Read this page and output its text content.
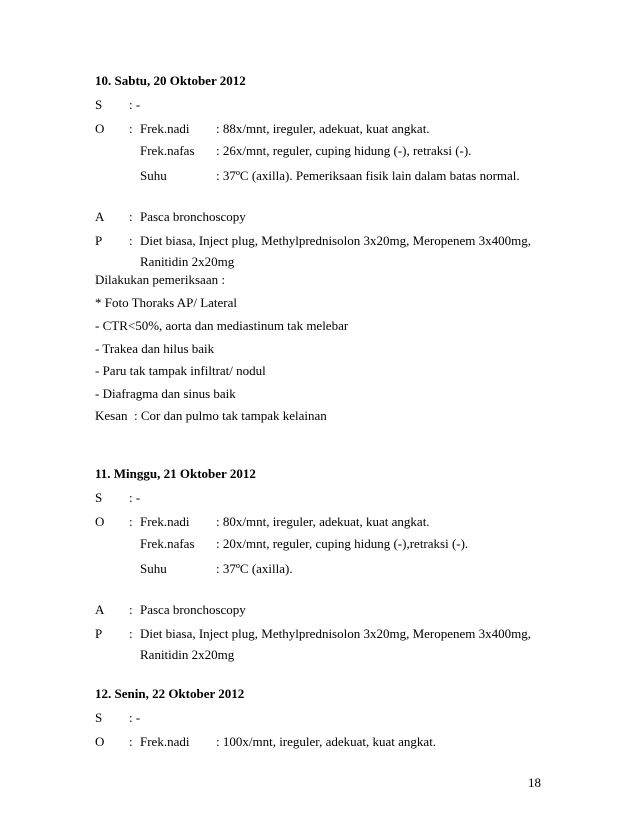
10. Sabtu, 20 Oktober 2012
S : -
O : Frek.nadi : 88x/mnt, ireguler, adekuat, kuat angkat.
Frek.nafas : 26x/mnt, reguler, cuping hidung (-), retraksi (-).
Suhu	: 37ºC (axilla). Pemeriksaan fisik lain dalam batas normal.
A : Pasca bronchoscopy
P : Diet biasa, Inject plug, Methylprednisolon 3x20mg, Meropenem 3x400mg,
Ranitidin 2x20mg
Dilakukan pemeriksaan :
* Foto Thoraks AP/ Lateral
- CTR<50%, aorta dan mediastinum tak melebar
- Trakea dan hilus baik
- Paru tak tampak infiltrat/ nodul
- Diafragma dan sinus baik
Kesan  : Cor dan pulmo tak tampak kelainan
11. Minggu, 21 Oktober 2012
S : -
O : Frek.nadi : 80x/mnt, ireguler, adekuat, kuat angkat.
Frek.nafas : 20x/mnt, reguler, cuping hidung (-),retraksi (-).
Suhu	: 37ºC (axilla).
A : Pasca bronchoscopy
P : Diet biasa, Inject plug, Methylprednisolon 3x20mg, Meropenem 3x400mg,
Ranitidin 2x20mg
12. Senin, 22 Oktober 2012
S : -
O : Frek.nadi : 100x/mnt, ireguler, adekuat, kuat angkat.
18
